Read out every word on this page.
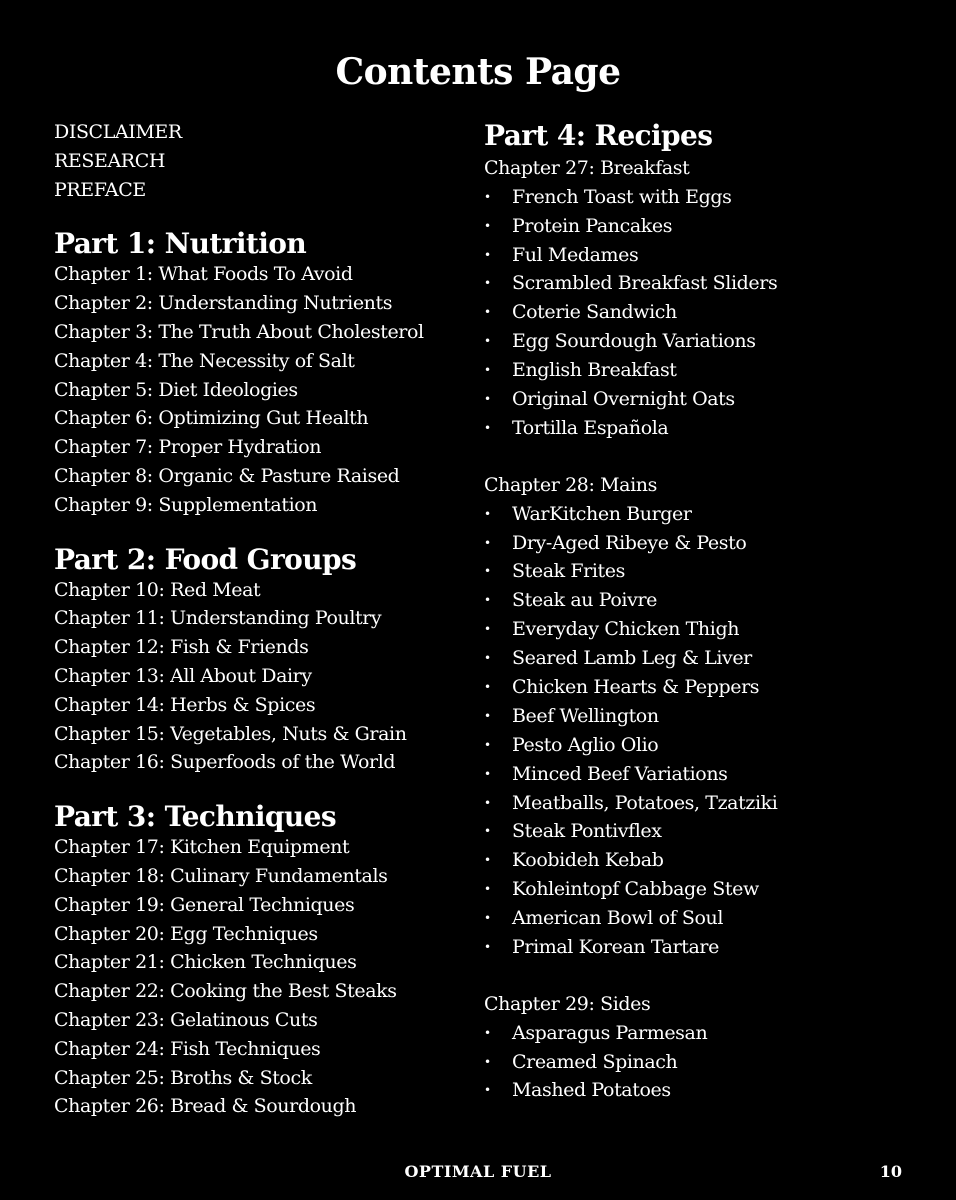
Contents Page
DISCLAIMER
RESEARCH
PREFACE
Part 1: Nutrition
Chapter 1: What Foods To Avoid
Chapter 2: Understanding Nutrients
Chapter 3: The Truth About Cholesterol
Chapter 4: The Necessity of Salt
Chapter 5: Diet Ideologies
Chapter 6: Optimizing Gut Health
Chapter 7: Proper Hydration
Chapter 8: Organic & Pasture Raised
Chapter 9: Supplementation
Part 2: Food Groups
Chapter 10: Red Meat
Chapter 11: Understanding Poultry
Chapter 12: Fish & Friends
Chapter 13: All About Dairy
Chapter 14: Herbs & Spices
Chapter 15: Vegetables, Nuts & Grain
Chapter 16: Superfoods of the World
Part 3: Techniques
Chapter 17: Kitchen Equipment
Chapter 18: Culinary Fundamentals
Chapter 19: General Techniques
Chapter 20: Egg Techniques
Chapter 21: Chicken Techniques
Chapter 22: Cooking the Best Steaks
Chapter 23: Gelatinous Cuts
Chapter 24: Fish Techniques
Chapter 25: Broths & Stock
Chapter 26: Bread & Sourdough
Part 4: Recipes
Chapter 27: Breakfast
• French Toast with Eggs
• Protein Pancakes
• Ful Medames
• Scrambled Breakfast Sliders
• Coterie Sandwich
• Egg Sourdough Variations
• English Breakfast
• Original Overnight Oats
• Tortilla Española
Chapter 28: Mains
• WarKitchen Burger
• Dry-Aged Ribeye & Pesto
• Steak Frites
• Steak au Poivre
• Everyday Chicken Thigh
• Seared Lamb Leg & Liver
• Chicken Hearts & Peppers
• Beef Wellington
• Pesto Aglio Olio
• Minced Beef Variations
• Meatballs, Potatoes, Tzatziki
• Steak Pontivflex
• Koobideh Kebab
• Kohleintopf Cabbage Stew
• American Bowl of Soul
• Primal Korean Tartare
Chapter 29: Sides
• Asparagus Parmesan
• Creamed Spinach
• Mashed Potatoes
OPTIMAL FUEL	10
